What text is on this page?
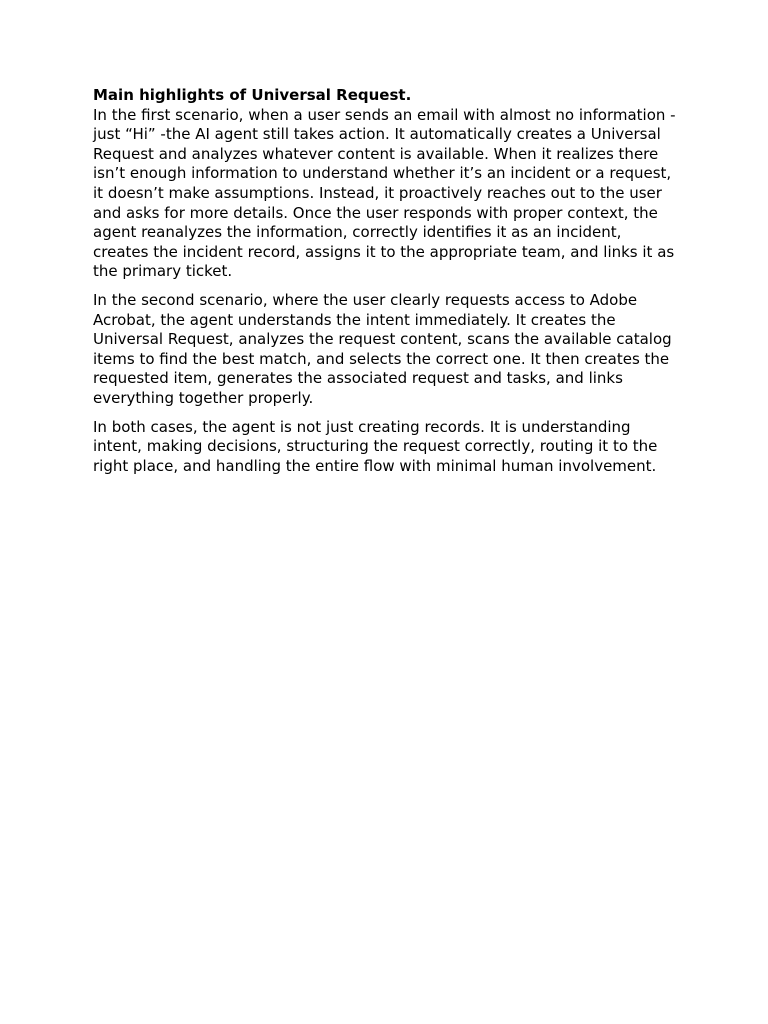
Main highlights of Universal Request.

In the first scenario, when a user sends an email with almost no information - just “Hi” -the AI agent still takes action. It automatically creates a Universal Request and analyzes whatever content is available. When it realizes there isn’t enough information to understand whether it’s an incident or a request, it doesn’t make assumptions. Instead, it proactively reaches out to the user and asks for more details. Once the user responds with proper context, the agent reanalyzes the information, correctly identifies it as an incident, creates the incident record, assigns it to the appropriate team, and links it as the primary ticket.

In the second scenario, where the user clearly requests access to Adobe Acrobat, the agent understands the intent immediately. It creates the Universal Request, analyzes the request content, scans the available catalog items to find the best match, and selects the correct one. It then creates the requested item, generates the associated request and tasks, and links everything together properly.

In both cases, the agent is not just creating records. It is understanding intent, making decisions, structuring the request correctly, routing it to the right place, and handling the entire flow with minimal human involvement.
